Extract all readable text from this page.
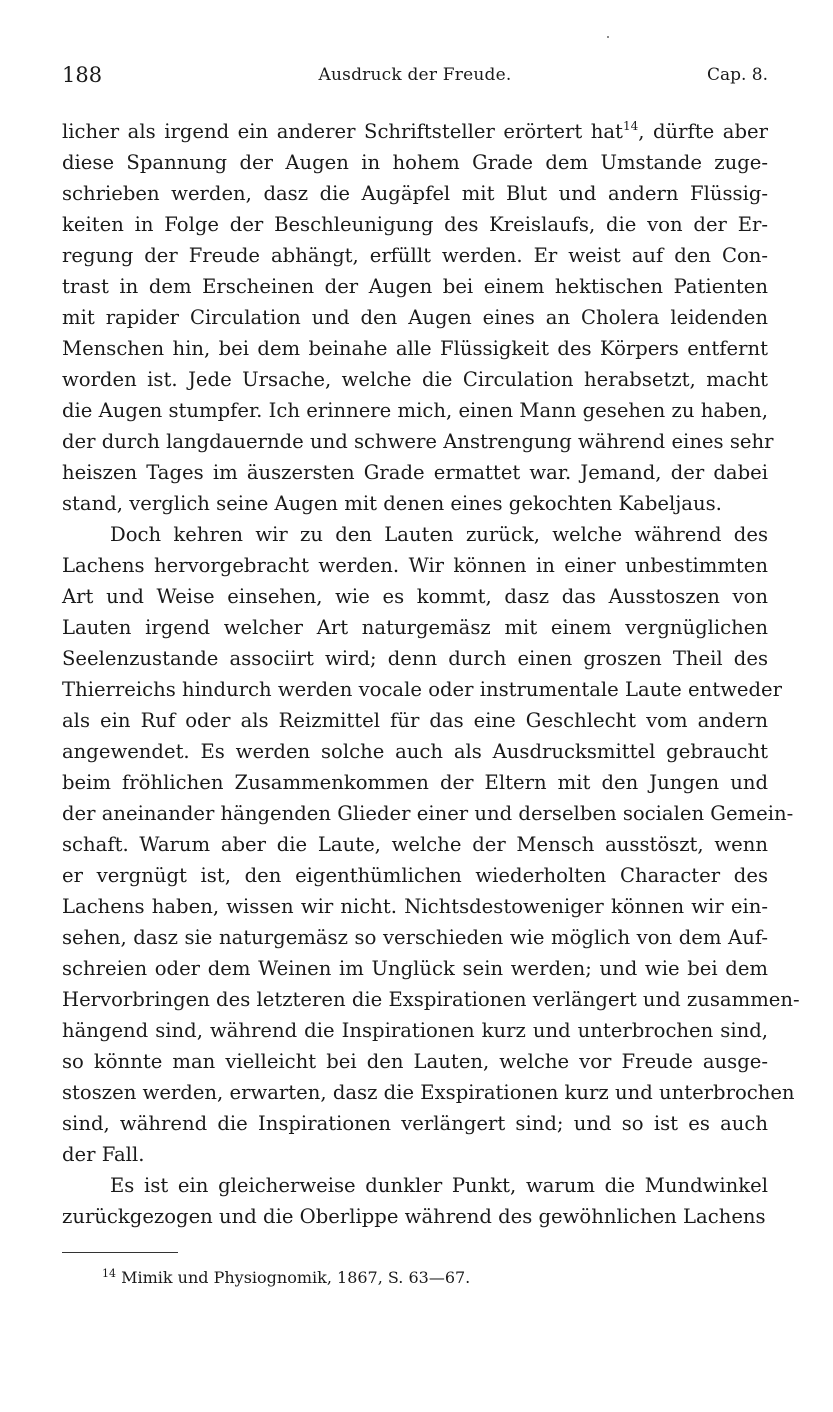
188	Ausdruck der Freude.	Cap. 8.

licher als irgend ein anderer Schriftsteller erörtert hat$^{14}$, dürfte aber
diese Spannung der Augen in hohem Grade dem Umstande zuge-
schrieben werden, dasz die Augäpfel mit Blut und andern Flüssig-
keiten in Folge der Beschleunigung des Kreislaufs, die von der Er-
regung der Freude abhängt, erfüllt werden. Er weist auf den Con-
trast in dem Erscheinen der Augen bei einem hektischen Patienten
mit rapider Circulation und den Augen eines an Cholera leidenden
Menschen hin, bei dem beinahe alle Flüssigkeit des Körpers entfernt
worden ist. Jede Ursache, welche die Circulation herabsetzt, macht
die Augen stumpfer. Ich erinnere mich, einen Mann gesehen zu haben,
der durch langdauernde und schwere Anstrengung während eines sehr
heiszen Tages im äuszersten Grade ermattet war. Jemand, der dabei
stand, verglich seine Augen mit denen eines gekochten Kabeljaus.

Doch kehren wir zu den Lauten zurück, welche während des
Lachens hervorgebracht werden. Wir können in einer unbestimmten
Art und Weise einsehen, wie es kommt, dasz das Ausstoszen von
Lauten irgend welcher Art naturgemäsz mit einem vergnüglichen
Seelenzustande associirt wird; denn durch einen groszen Theil des
Thierreichs hindurch werden vocale oder instrumentale Laute entweder
als ein Ruf oder als Reizmittel für das eine Geschlecht vom andern
angewendet. Es werden solche auch als Ausdrucksmittel gebraucht
beim fröhlichen Zusammenkommen der Eltern mit den Jungen und
der aneinander hängenden Glieder einer und derselben socialen Gemein-
schaft. Warum aber die Laute, welche der Mensch ausstöszt, wenn
er vergnügt ist, den eigenthümlichen wiederholten Character des
Lachens haben, wissen wir nicht. Nichtsdestoweniger können wir ein-
sehen, dasz sie naturgemäsz so verschieden wie möglich von dem Auf-
schreien oder dem Weinen im Unglück sein werden; und wie bei dem
Hervorbringen des letzteren die Exspirationen verlängert und zusammen-
hängend sind, während die Inspirationen kurz und unterbrochen sind,
so könnte man vielleicht bei den Lauten, welche vor Freude ausge-
stoszen werden, erwarten, dasz die Exspirationen kurz und unterbrochen
sind, während die Inspirationen verlängert sind; und so ist es auch
der Fall.

Es ist ein gleicherweise dunkler Punkt, warum die Mundwinkel
zurückgezogen und die Oberlippe während des gewöhnlichen Lachens

$^{14}$ Mimik und Physiognomik, 1867, S. 63—67.
